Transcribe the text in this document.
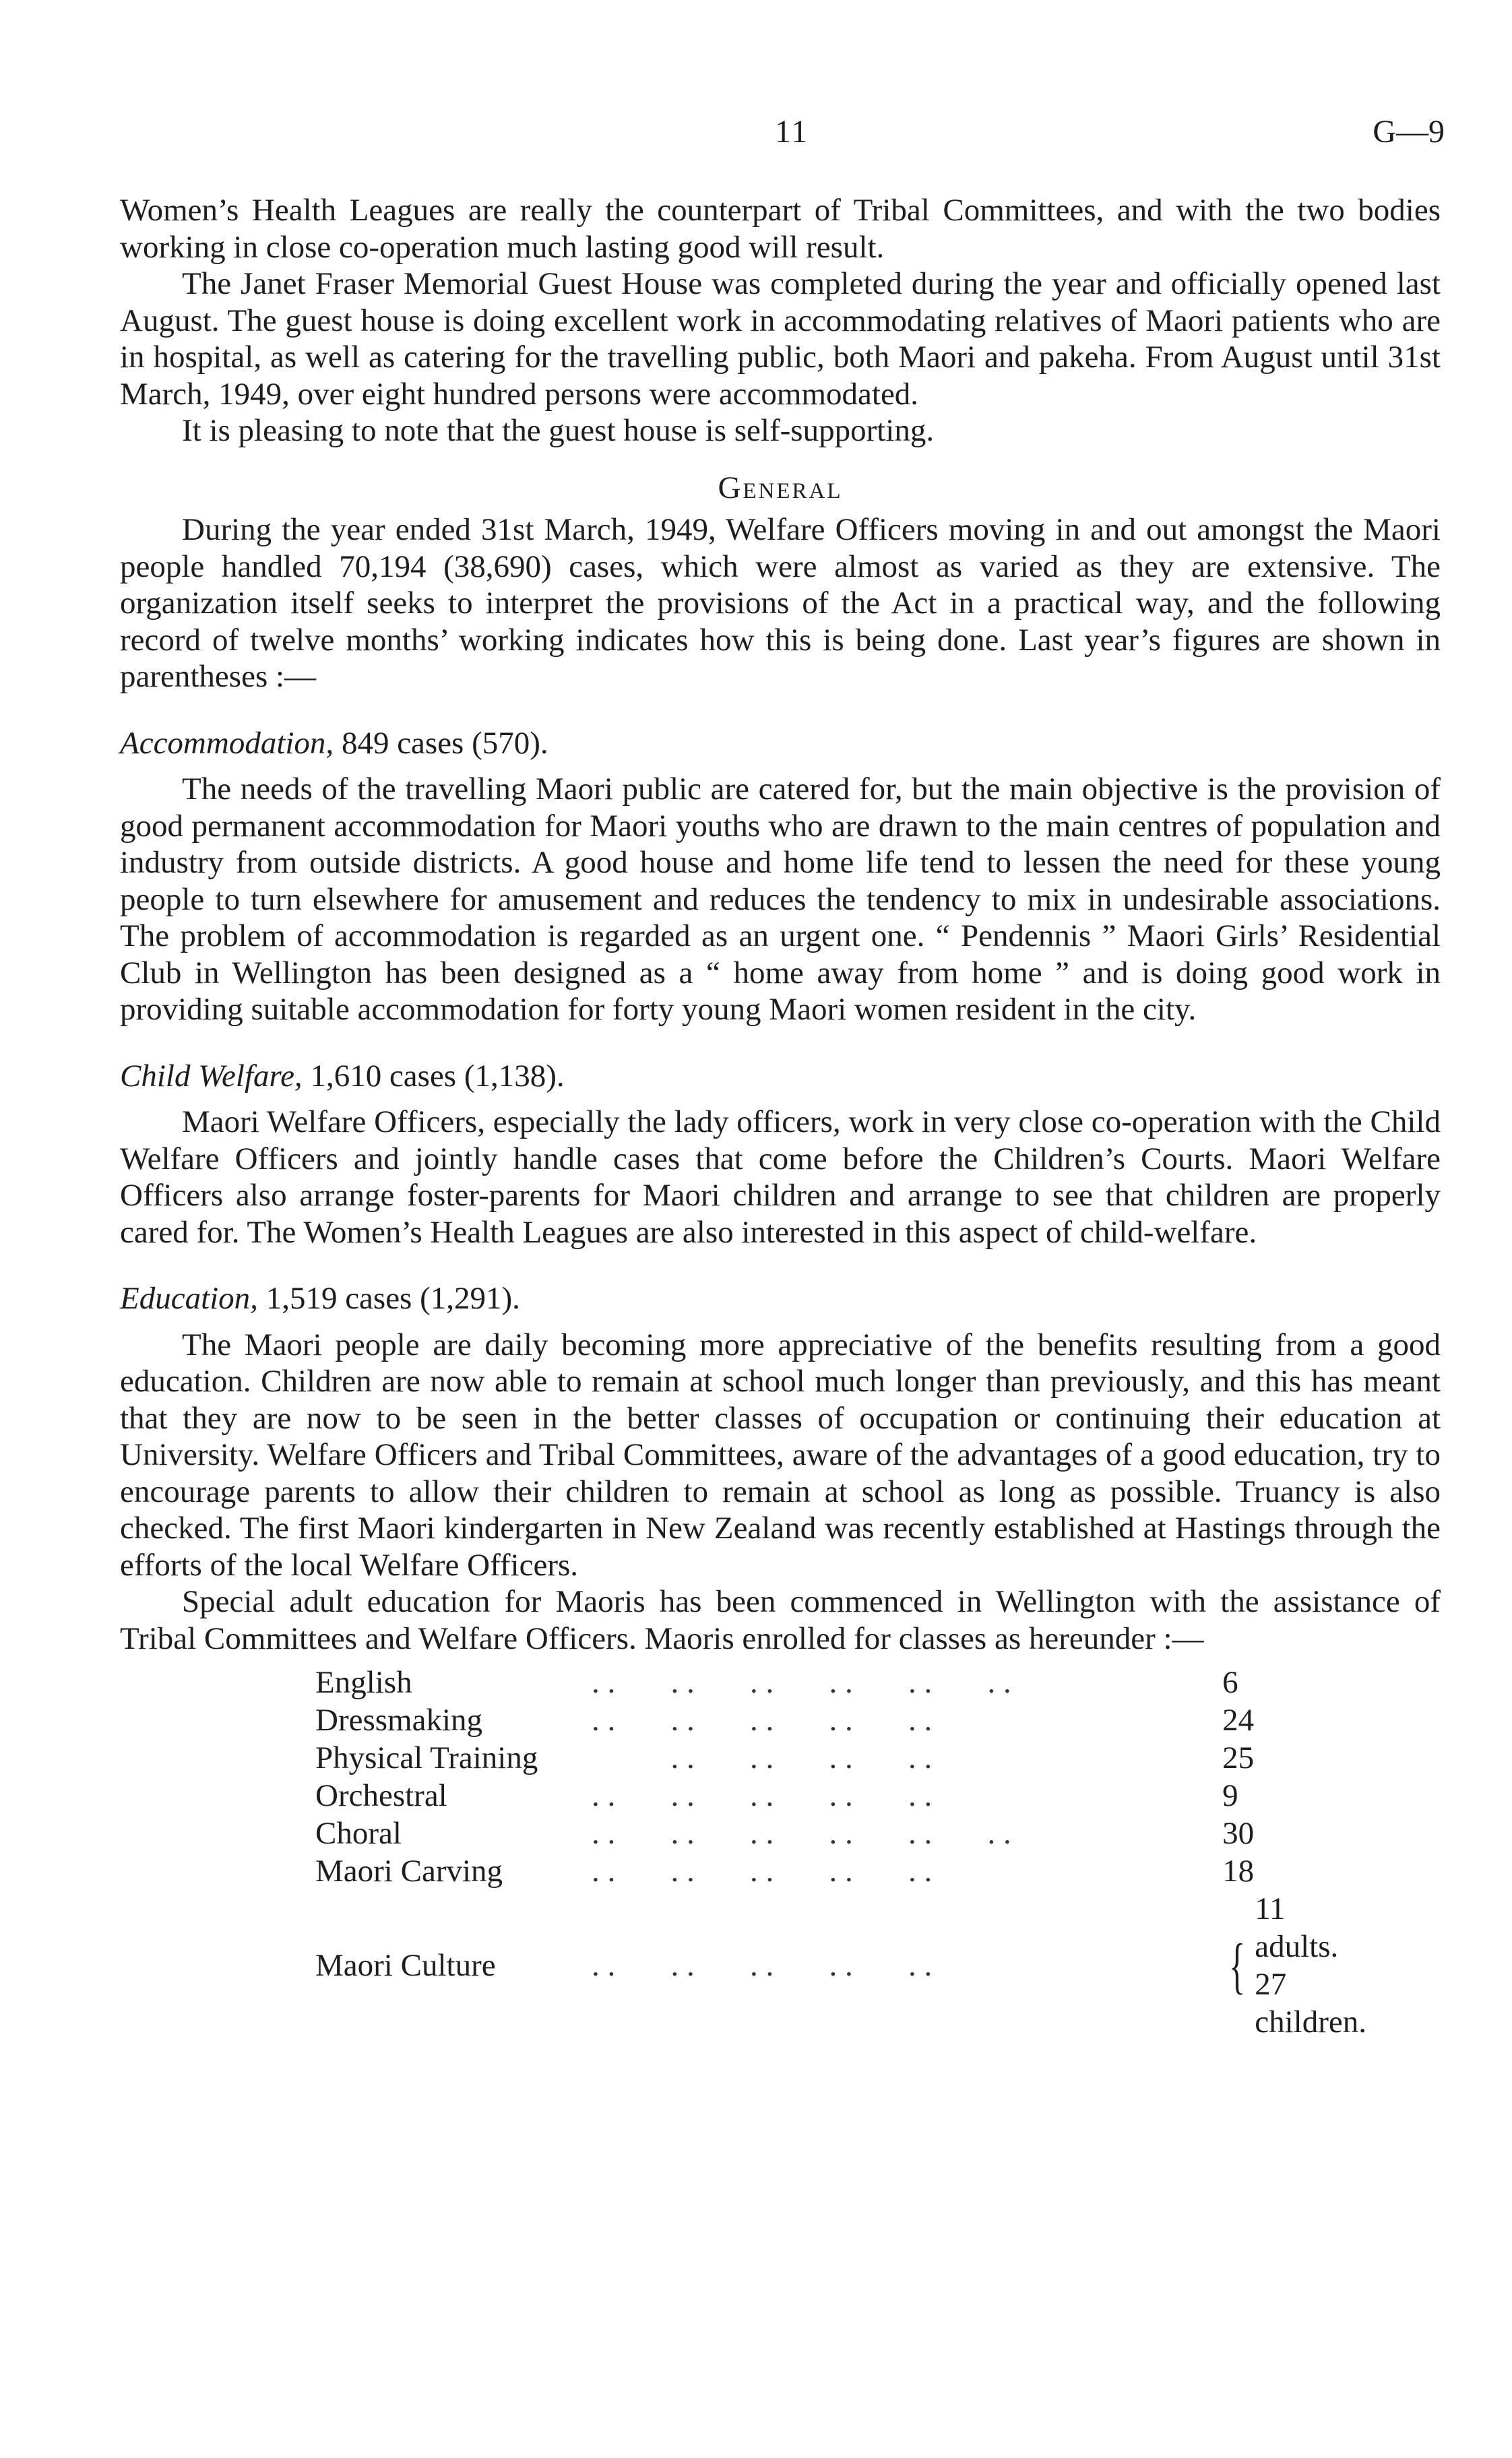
11	G—9

Women’s Health Leagues are really the counterpart of Tribal Committees, and with the two bodies working in close co-operation much lasting good will result.

The Janet Fraser Memorial Guest House was completed during the year and officially opened last August. The guest house is doing excellent work in accommodating relatives of Maori patients who are in hospital, as well as catering for the travelling public, both Maori and pakeha. From August until 31st March, 1949, over eight hundred persons were accommodated.

It is pleasing to note that the guest house is self-supporting.

General

During the year ended 31st March, 1949, Welfare Officers moving in and out amongst the Maori people handled 70,194 (38,690) cases, which were almost as varied as they are extensive. The organization itself seeks to interpret the provisions of the Act in a practical way, and the following record of twelve months’ working indicates how this is being done. Last year’s figures are shown in parentheses :—

Accommodation, 849 cases (570).

The needs of the travelling Maori public are catered for, but the main objective is the provision of good permanent accommodation for Maori youths who are drawn to the main centres of population and industry from outside districts. A good house and home life tend to lessen the need for these young people to turn elsewhere for amusement and reduces the tendency to mix in undesirable associations. The problem of accommodation is regarded as an urgent one. “ Pendennis ” Maori Girls’ Residential Club in Wellington has been designed as a “ home away from home ” and is doing good work in providing suitable accommodation for forty young Maori women resident in the city.

Child Welfare, 1,610 cases (1,138).

Maori Welfare Officers, especially the lady officers, work in very close co-operation with the Child Welfare Officers and jointly handle cases that come before the Children’s Courts. Maori Welfare Officers also arrange foster-parents for Maori children and arrange to see that children are properly cared for. The Women’s Health Leagues are also interested in this aspect of child-welfare.

Education, 1,519 cases (1,291).

The Maori people are daily becoming more appreciative of the benefits resulting from a good education. Children are now able to remain at school much longer than previously, and this has meant that they are now to be seen in the better classes of occupation or continuing their education at University. Welfare Officers and Tribal Committees, aware of the advantages of a good education, try to encourage parents to allow their children to remain at school as long as possible. Truancy is also checked. The first Maori kindergarten in New Zealand was recently established at Hastings through the efforts of the local Welfare Officers.

Special adult education for Maoris has been commenced in Wellington with the assistance of Tribal Committees and Welfare Officers. Maoris enrolled for classes as hereunder :—

English	. .       . .       . .       . .       . .       . .	6
Dressmaking	. .       . .       . .       . .       . .	24
Physical Training	. .       . .       . .       . .	25
Orchestral	. .       . .       . .       . .       . .	9
Choral	. .       . .       . .       . .       . .       . .	30
Maori Carving	. .       . .       . .       . .       . .	18
Maori Culture	. .       . .       . .       . .       . .	{
11 adults.
27 children.
